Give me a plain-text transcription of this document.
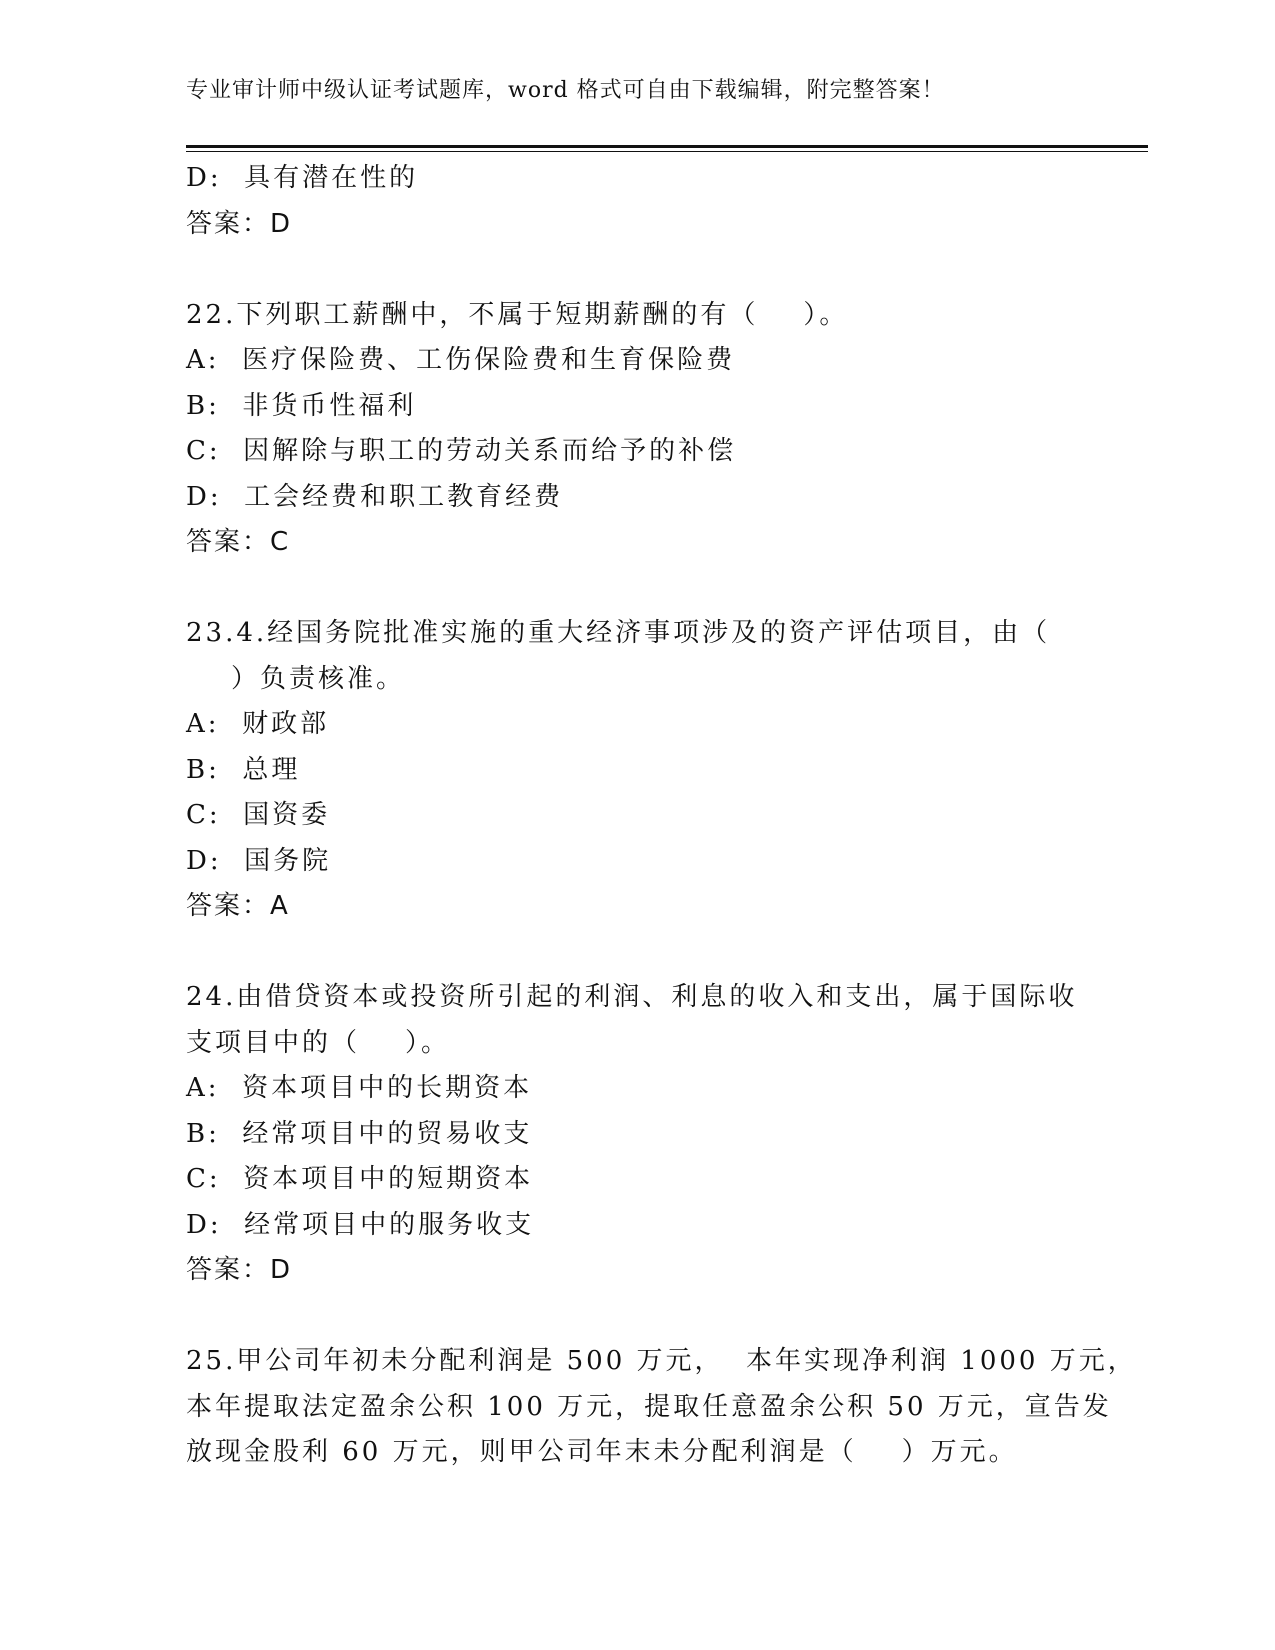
专业审计师中级认证考试题库，word 格式可自由下载编辑，附完整答案！
D:  具有潜在性的
答案：D
22.下列职工薪酬中，不属于短期薪酬的有（    ）。
A:  医疗保险费、工伤保险费和生育保险费
B:  非货币性福利
C:  因解除与职工的劳动关系而给予的补偿
D:  工会经费和职工教育经费
答案：C
23.4.经国务院批准实施的重大经济事项涉及的资产评估项目，由（
）负责核准。
A:  财政部
B:  总理
C:  国资委
D:  国务院
答案：A
24.由借贷资本或投资所引起的利润、利息的收入和支出，属于国际收
支项目中的（    ）。
A:  资本项目中的长期资本
B:  经常项目中的贸易收支
C:  资本项目中的短期资本
D:  经常项目中的服务收支
答案：D
25.甲公司年初未分配利润是 500 万元，  本年实现净利润 1000 万元，
本年提取法定盈余公积 100 万元，提取任意盈余公积 50 万元，宣告发
放现金股利 60 万元，则甲公司年末未分配利润是（    ）万元。
